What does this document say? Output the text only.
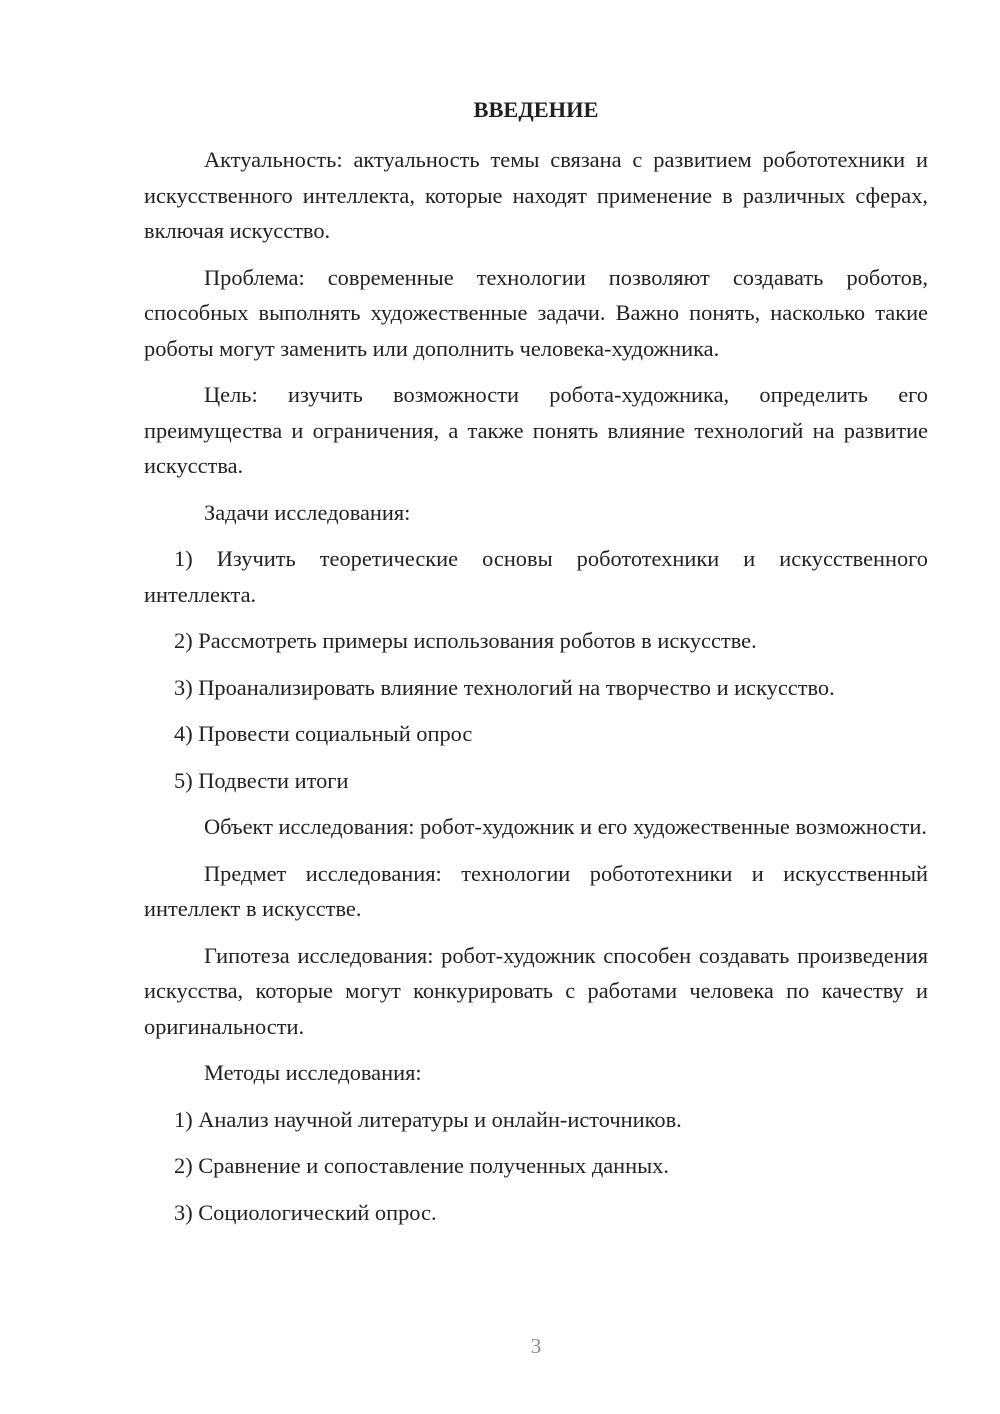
ВВЕДЕНИЕ

Актуальность: актуальность темы связана с развитием робототехники и искусственного интеллекта, которые находят применение в различных сферах, включая искусство.

Проблема: современные технологии позволяют создавать роботов, способных выполнять художественные задачи. Важно понять, насколько такие роботы могут заменить или дополнить человека-художника.

Цель: изучить возможности робота-художника, определить его преимущества и ограничения, а также понять влияние технологий на развитие искусства.

Задачи исследования:

1) Изучить теоретические основы робототехники и искусственного интеллекта.

2) Рассмотреть примеры использования роботов в искусстве.

3) Проанализировать влияние технологий на творчество и искусство.

4) Провести социальный опрос

5) Подвести итоги

Объект исследования: робот-художник и его художественные возможности.

Предмет исследования: технологии робототехники и искусственный интеллект в искусстве.

Гипотеза исследования: робот-художник способен создавать произведения искусства, которые могут конкурировать с работами человека по качеству и оригинальности.

Методы исследования:

1) Анализ научной литературы и онлайн-источников.

2) Сравнение и сопоставление полученных данных.

3) Социологический опрос.

3
